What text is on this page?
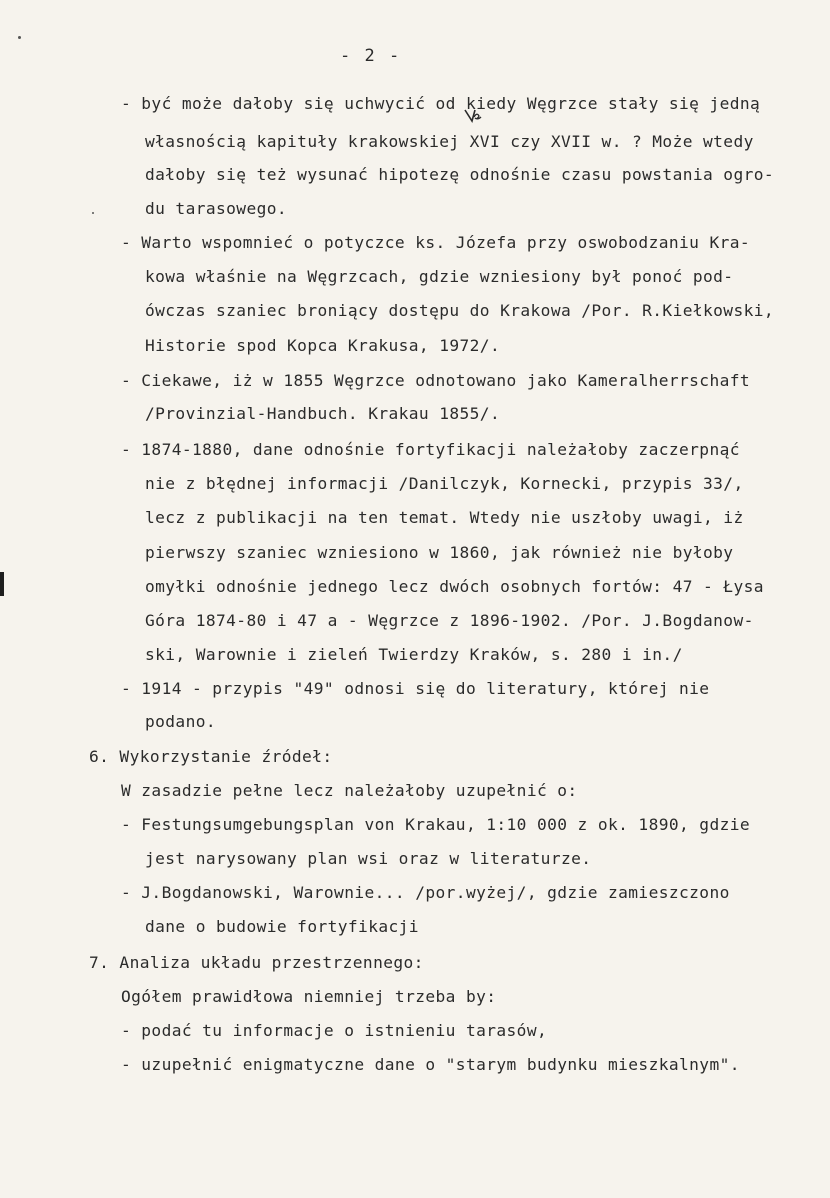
- 2 -
- być może dałoby się uchwycić od kiedy Węgrzce stały się jedną
własnością kapituły krakowskiej XVI czy XVII w. ? Może wtedy
dałoby się też wysunać hipotezę odnośnie czasu powstania ogro-
du tarasowego.
- Warto wspomnieć o potyczce ks. Józefa przy oswobodzaniu Kra-
kowa właśnie na Węgrzcach, gdzie wzniesiony był ponoć pod-
ówczas szaniec broniący dostępu do Krakowa /Por. R.Kiełkowski,
Historie spod Kopca Krakusa, 1972/.
- Ciekawe, iż w 1855 Węgrzce odnotowano jako Kameralherrschaft
/Provinzial-Handbuch. Krakau 1855/.
- 1874-1880, dane odnośnie fortyfikacji należałoby zaczerpnąć
nie z błędnej informacji /Danilczyk, Kornecki, przypis 33/,
lecz z publikacji na ten temat. Wtedy nie uszłoby uwagi, iż
pierwszy szaniec wzniesiono w 1860, jak również nie byłoby
omyłki odnośnie jednego lecz dwóch osobnych fortów: 47 - Łysa
Góra 1874-80 i 47 a - Węgrzce z 1896-1902. /Por. J.Bogdanow-
ski, Warownie i zieleń Twierdzy Kraków, s. 280 i in./
- 1914 - przypis "49" odnosi się do literatury, której nie
podano.
6. Wykorzystanie źródeł:
W zasadzie pełne lecz należałoby uzupełnić o:
- Festungsumgebungsplan von Krakau, 1:10 000 z ok. 1890, gdzie
jest narysowany plan wsi oraz w literaturze.
- J.Bogdanowski, Warownie... /por.wyżej/, gdzie zamieszczono
dane o budowie fortyfikacji
7. Analiza układu przestrzennego:
Ogółem prawidłowa niemniej trzeba by:
- podać tu informacje o istnieniu tarasów,
- uzupełnić enigmatyczne dane o "starym budynku mieszkalnym".
